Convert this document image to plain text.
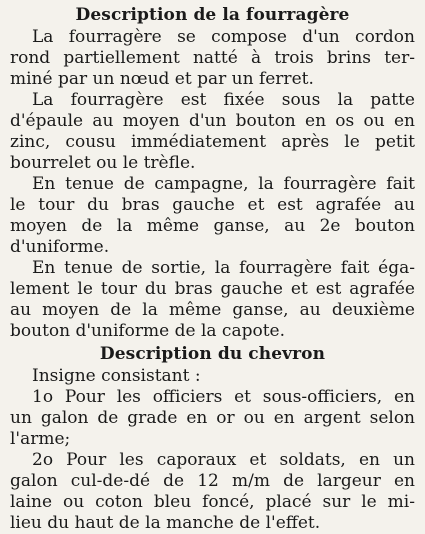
Description de la fourragère
La fourragère se compose d'un cordon
rond partiellement natté à trois brins ter-
miné par un nœud et par un ferret.
La fourragère est fixée sous la patte
d'épaule au moyen d'un bouton en os ou en
zinc, cousu immédiatement après le petit
bourrelet ou le trèfle.
En tenue de campagne, la fourragère fait
le tour du bras gauche et est agrafée au
moyen de la même ganse, au 2e bouton
d'uniforme.
En tenue de sortie, la fourragère fait éga-
lement le tour du bras gauche et est agrafée
au moyen de la même ganse, au deuxième
bouton d'uniforme de la capote.
Description du chevron
Insigne consistant :
1o Pour les officiers et sous-officiers, en
un galon de grade en or ou en argent selon
l'arme;
2o Pour les caporaux et soldats, en un
galon cul-de-dé de 12 m/m de largeur en
laine ou coton bleu foncé, placé sur le mi-
lieu du haut de la manche de l'effet.
